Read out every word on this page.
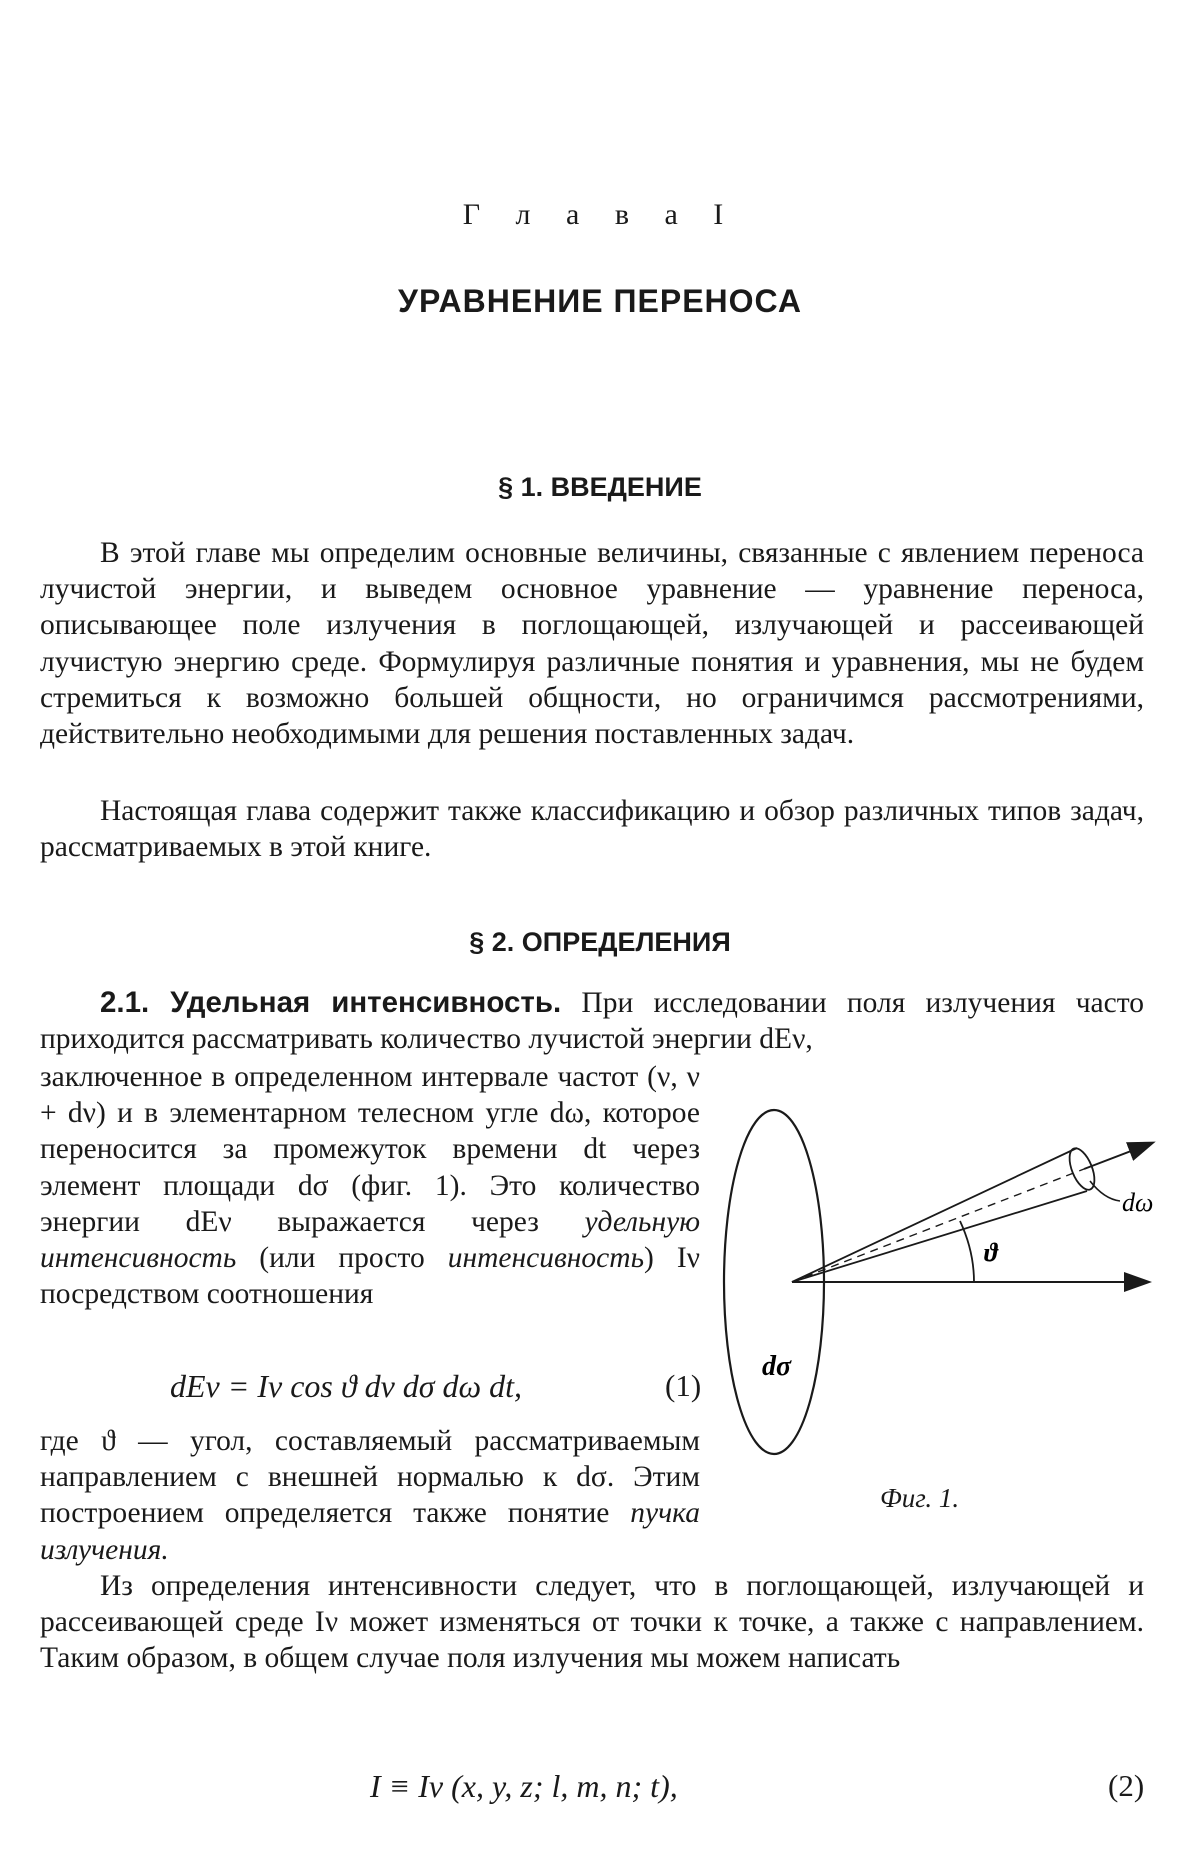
Г л а в а I
УРАВНЕНИЕ ПЕРЕНОСА
§ 1. ВВЕДЕНИЕ

В этой главе мы определим основные величины, связанные с явлением переноса лучистой энергии, и выведем основное уравнение — уравнение переноса, описывающее поле излучения в поглощающей, излучающей и рассеивающей лучистую энергию среде. Формулируя различные понятия и уравнения, мы не будем стремиться к возможно большей общности, но ограничимся рассмотрениями, действительно необходимыми для решения поставленных задач.

Настоящая глава содержит также классификацию и обзор различных типов задач, рассматриваемых в этой книге.

§ 2. ОПРЕДЕЛЕНИЯ

2.1. Удельная интенсивность. При исследовании поля излучения часто приходится рассматривать количество лучистой энергии dEν,

заключенное в определенном интервале частот (ν, ν + dν) и в элементарном телесном угле dω, которое переносится за промежуток времени dt через элемент площади dσ (фиг. 1). Это количество энергии dEν выражается через удельную интенсивность (или просто интенсивность) Iν посредством соотношения

dEν = Iν cos ϑ dν dσ dω dt,	(1)

где ϑ — угол, составляемый рассматриваемым направлением с внешней нормалью к dσ. Этим построением определяется также понятие пучка излучения.

Из определения интенсивности следует, что в поглощающей, излучающей и рассеивающей среде Iν может изменяться от точки к точке, а также с направлением. Таким образом, в общем случае поля излучения мы можем написать

I ≡ Iν (x, y, z; l, m, n; t),	(2)
dω
ϑ
dσ
Фиг. 1.
